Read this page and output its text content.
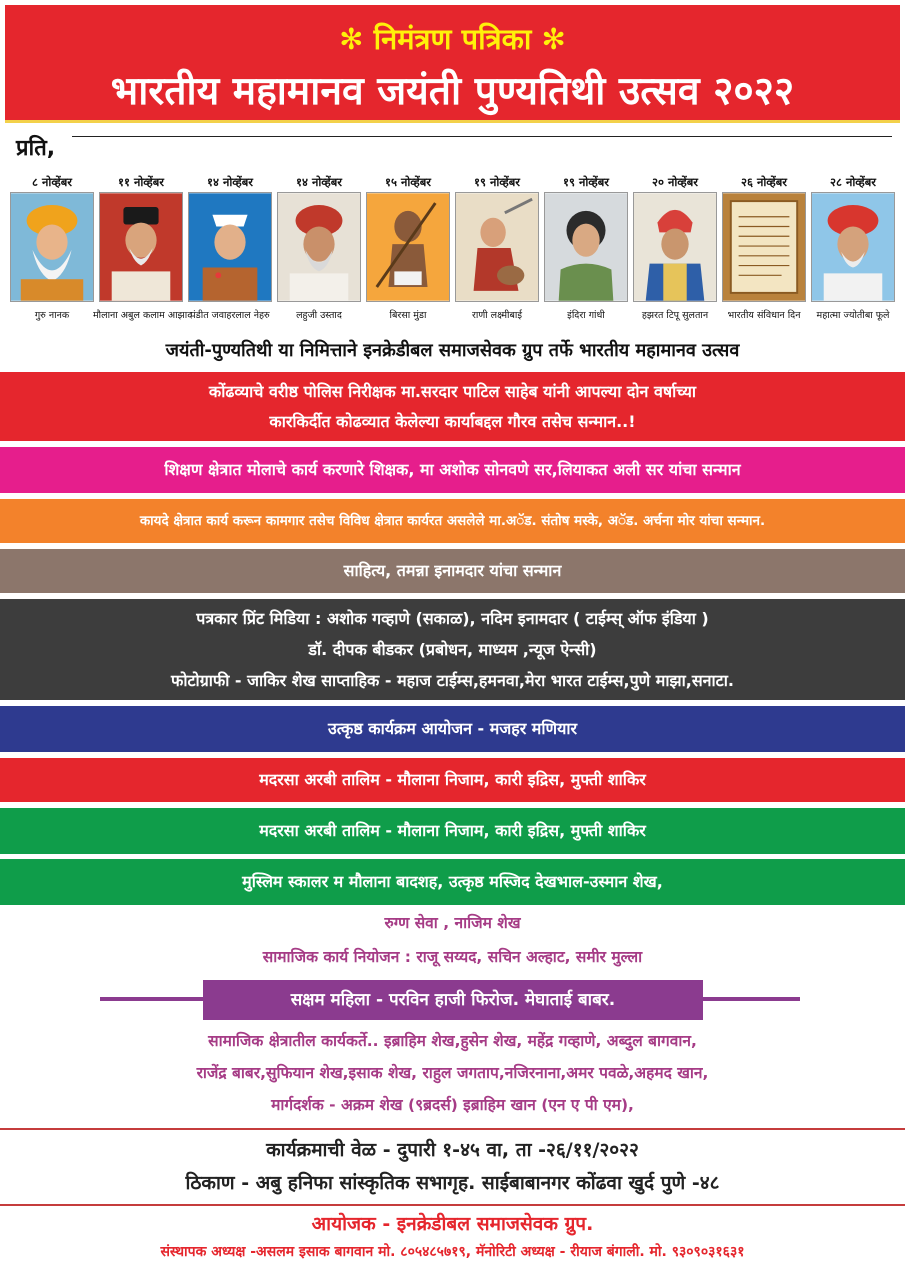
✻ निमंत्रण पत्रिका ✻
भारतीय महामानव जयंती पुण्यतिथी उत्सव २०२२
प्रति,
८ नोव्हेंबर
गुरु नानक
११ नोव्हेंबर
मौलाना अबुल कलाम आझाद
१४ नोव्हेंबर
पंडीत जवाहरलाल नेहरु
१४ नोव्हेंबर
लहुजी उस्ताद
१५ नोव्हेंबर
बिरसा मुंडा
१९ नोव्हेंबर
राणी लक्ष्मीबाई
१९ नोव्हेंबर
इंदिरा गांधी
२० नोव्हेंबर
हझरत टिपू सुलतान
२६ नोव्हेंबर
भारतीय संविधान दिन
२८ नोव्हेंबर
महात्मा ज्योतीबा फूले
जयंती-पुण्यतिथी या निमित्ताने इनक्रेडीबल समाजसेवक ग्रुप तर्फे भारतीय महामानव उत्सव
कोंढव्याचे वरीष्ठ पोलिस निरीक्षक मा.सरदार पाटिल साहेब यांनी आपल्या दोन वर्षाच्या
कारकिर्दीत कोढव्यात केलेल्या कार्याबद्दल गौरव तसेच सन्मान..!
शिक्षण क्षेत्रात मोलाचे कार्य करणारे शिक्षक, मा अशोक सोनवणे सर,लियाकत अली सर यांचा सन्मान
कायदे क्षेत्रात कार्य करून कामगार तसेच विविध क्षेत्रात कार्यरत असलेले मा.अॅड. संतोष मस्के, अॅड. अर्चना मोर यांचा सन्मान.
साहित्य, तमन्ना इनामदार यांचा सन्मान
पत्रकार प्रिंट मिडिया : अशोक गव्हाणे (सकाळ), नदिम इनामदार ( टाईम्स् ऑफ इंडिया )
डॉ. दीपक बीडकर (प्रबोधन, माध्यम ,न्यूज ऐन्सी)
फोटोग्राफी - जाकिर शेख साप्ताहिक - महाज टाईम्स,हमनवा,मेरा भारत टाईम्स,पुणे माझा,सनाटा.
उत्कृष्ठ कार्यक्रम आयोजन - मजहर मणियार
मदरसा अरबी तालिम - मौलाना निजाम, कारी इद्रिस, मुफ्ती शाकिर
मदरसा अरबी तालिम - मौलाना निजाम, कारी इद्रिस, मुफ्ती शाकिर
मुस्लिम स्कालर म मौलाना बादशह, उत्कृष्ठ मस्जिद देखभाल-उस्मान शेख,
रुग्ण सेवा , नाजिम शेख
सामाजिक कार्य नियोजन : राजू सय्यद, सचिन अल्हाट, समीर मुल्ला
सक्षम महिला - परविन हाजी फिरोज. मेघाताई बाबर.
सामाजिक क्षेत्रातील कार्यकर्ते.. इब्राहिम शेख,हुसेन शेख, महेंद्र गव्हाणे, अब्दुल बागवान,
राजेंद्र बाबर,सुफियान शेख,इसाक शेख, राहुल जगताप,नजिरनाना,अमर पवळे,अहमद खान,
मार्गदर्शक - अक्रम शेख (९ब्रदर्स) इब्राहिम खान (एन ए पी एम),
कार्यक्रमाची वेळ - दुपारी १-४५ वा, ता -२६/११/२०२२
ठिकाण - अबु हनिफा सांस्कृतिक सभागृह. साईबाबानगर कोंढवा खुर्द पुणे -४८
आयोजक - इनक्रेडीबल समाजसेवक ग्रुप.
संस्थापक अध्यक्ष -असलम इसाक बागवान मो. ८०५४८५७१९, मॅनोरिटी अध्यक्ष - रीयाज बंगाली. मो. ९३०९०३१६३१
